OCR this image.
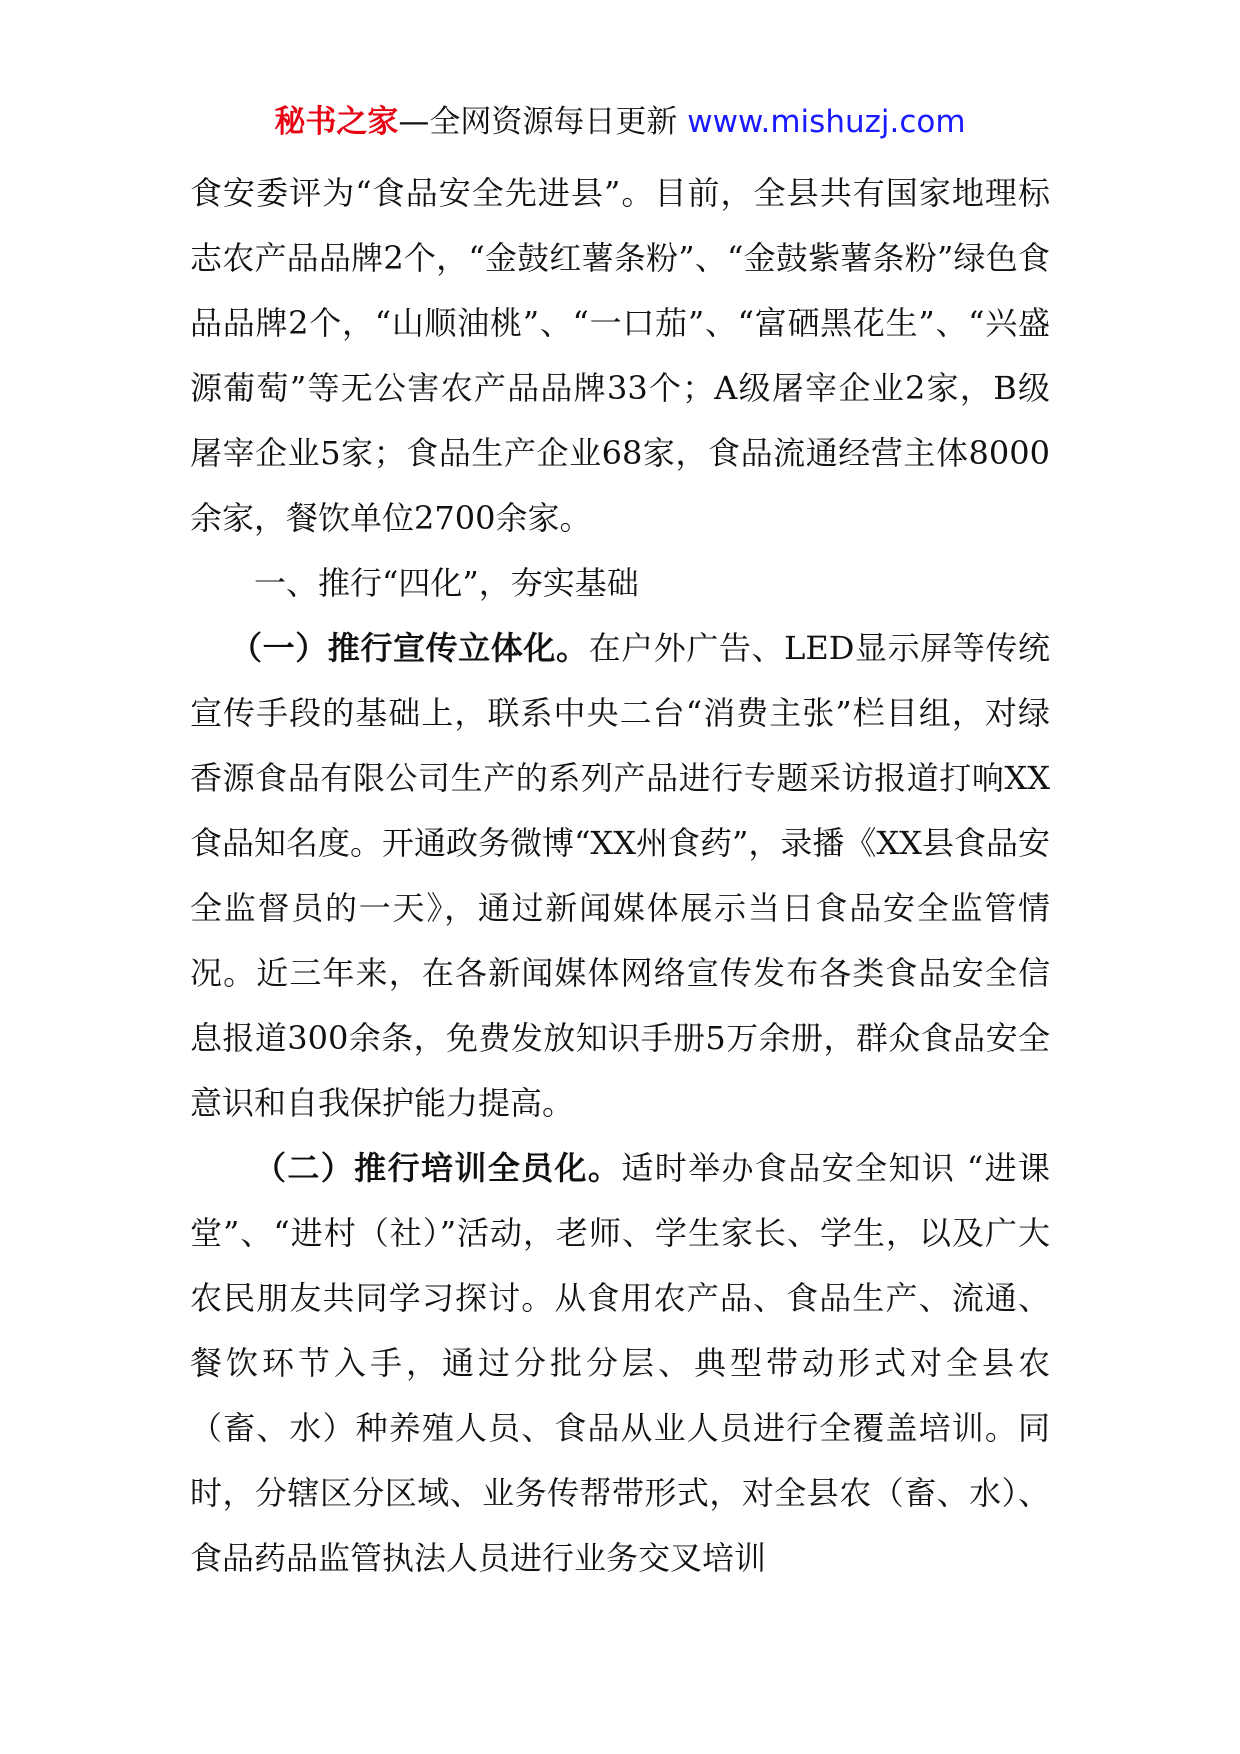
秘书之家—全网资源每日更新 www.mishuzj.com

食安委评为“食品安全先进县”。目前，全县共有国家地理标志农产品品牌2个，“金鼓红薯条粉”、“金鼓紫薯条粉”绿色食品品牌2个，“山顺油桃”、“一口茄”、“富硒黑花生”、“兴盛源葡萄”等无公害农产品品牌33个；A级屠宰企业2家，B级屠宰企业5家；食品生产企业68家，食品流通经营主体8000余家，餐饮单位2700余家。

一、推行“四化”，夯实基础

（一）推行宣传立体化。在户外广告、LED显示屏等传统宣传手段的基础上，联系中央二台“消费主张”栏目组，对绿香源食品有限公司生产的系列产品进行专题采访报道打响XX食品知名度。开通政务微博“XX州食药”，录播《XX县食品安全监督员的一天》，通过新闻媒体展示当日食品安全监管情况。近三年来，在各新闻媒体网络宣传发布各类食品安全信息报道300余条，免费发放知识手册5万余册，群众食品安全意识和自我保护能力提高。

（二）推行培训全员化。适时举办食品安全知识 “进课堂”、“进村（社）”活动，老师、学生家长、学生，以及广大农民朋友共同学习探讨。从食用农产品、食品生产、流通、餐饮环节入手，通过分批分层、典型带动形式对全县农（畜、水）种养殖人员、食品从业人员进行全覆盖培训。同时，分辖区分区域、业务传帮带形式，对全县农（畜、水）、食品药品监管执法人员进行业务交叉培训
